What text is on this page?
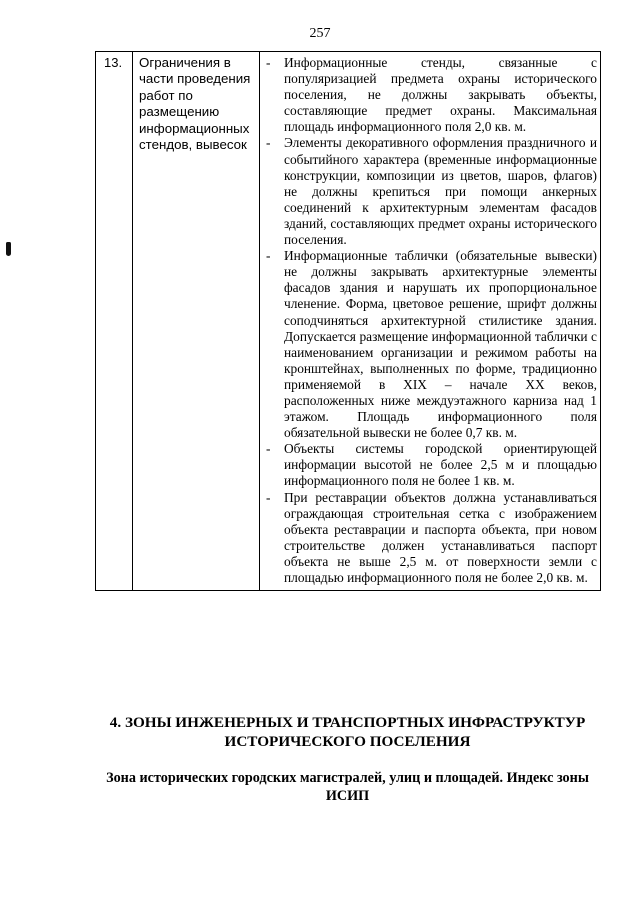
257
13.	Ограничения в части проведения работ по размещению информационных стендов, вывесок	
- Информационные стенды, связанные с популяризацией предмета охраны исторического поселения, не должны закрывать объекты, составляющие предмет охраны. Максимальная площадь информационного поля 2,0 кв. м.
- Элементы декоративного оформления праздничного и событийного характера (временные информационные конструкции, композиции из цветов, шаров, флагов) не должны крепиться при помощи анкерных соединений к архитектурным элементам фасадов зданий, составляющих предмет охраны исторического поселения.
- Информационные таблички (обязательные вывески) не должны закрывать архитектурные элементы фасадов здания и нарушать их пропорциональное членение. Форма, цветовое решение, шрифт должны соподчиняться архитектурной стилистике здания. Допускается размещение информационной таблички с наименованием организации и режимом работы на кронштейнах, выполненных по форме, традиционно применяемой в XIX – начале XX веков, расположенных ниже междуэтажного карниза над 1 этажом. Площадь информационного поля обязательной вывески не более 0,7 кв. м.
- Объекты системы городской ориентирующей информации высотой не более 2,5 м и площадью информационного поля не более 1 кв. м.
- При реставрации объектов должна устанавливаться ограждающая строительная сетка с изображением объекта реставрации и паспорта объекта, при новом строительстве должен устанавливаться паспорт объекта не выше 2,5 м. от поверхности земли с площадью информационного поля не более 2,0 кв. м.
4. ЗОНЫ ИНЖЕНЕРНЫХ И ТРАНСПОРТНЫХ ИНФРАСТРУКТУР ИСТОРИЧЕСКОГО ПОСЕЛЕНИЯ
Зона исторических городских магистралей, улиц и площадей. Индекс зоны ИСИП
